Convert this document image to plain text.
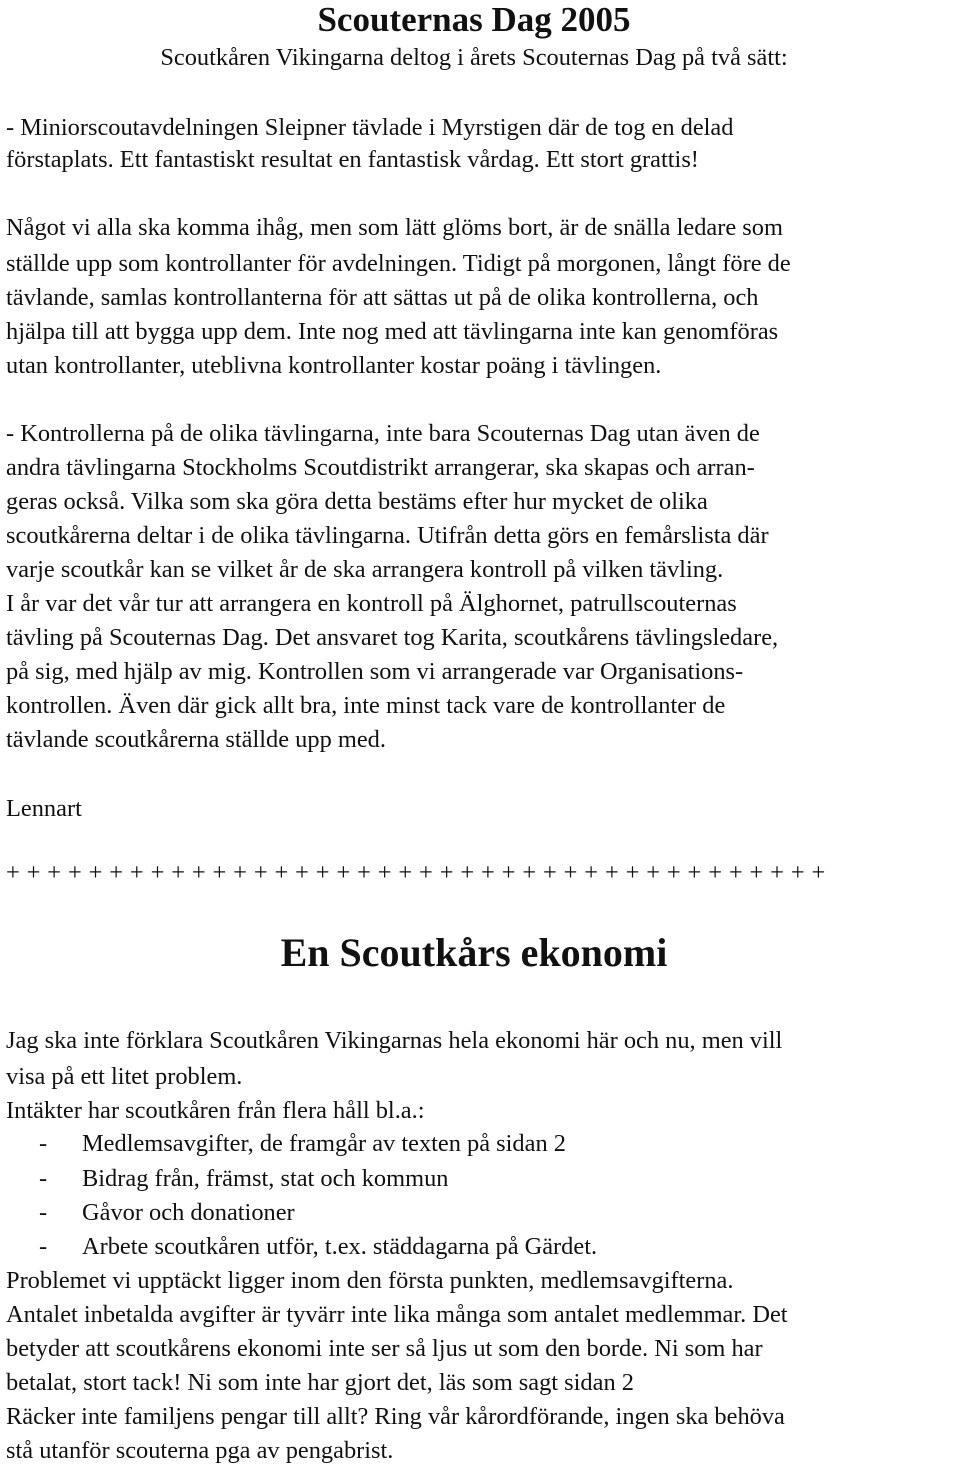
Scouternas Dag 2005
Scoutkåren Vikingarna deltog i årets Scouternas Dag på två sätt:
- Miniorscoutavdelningen Sleipner tävlade i Myrstigen där de tog en delad
förstaplats. Ett fantastiskt resultat en fantastisk vårdag. Ett stort grattis!
Något vi alla ska komma ihåg, men som lätt glöms bort, är de snälla ledare som
ställde upp som kontrollanter för avdelningen. Tidigt på morgonen, långt före de
tävlande, samlas kontrollanterna för att sättas ut på de olika kontrollerna, och
hjälpa till att bygga upp dem. Inte nog med att tävlingarna inte kan genomföras
utan kontrollanter, uteblivna kontrollanter kostar poäng i tävlingen.
- Kontrollerna på de olika tävlingarna, inte bara Scouternas Dag utan även de
andra tävlingarna Stockholms Scoutdistrikt arrangerar, ska skapas och arran-
geras också. Vilka som ska göra detta bestäms efter hur mycket de olika
scoutkårerna deltar i de olika tävlingarna. Utifrån detta görs en femårslista där
varje scoutkår kan se vilket år de ska arrangera kontroll på vilken tävling.
I år var det vår tur att arrangera en kontroll på Älghornet, patrullscouternas
tävling på Scouternas Dag. Det ansvaret tog Karita, scoutkårens tävlingsledare,
på sig, med hjälp av mig. Kontrollen som vi arrangerade var Organisations-
kontrollen. Även där gick allt bra, inte minst tack vare de kontrollanter de
tävlande scoutkårerna ställde upp med.
Lennart
+ + + + + + + + + + + + + + + + + + + + + + + + + + + + + + + + + + + + + + + +
En Scoutkårs ekonomi
Jag ska inte förklara Scoutkåren Vikingarnas hela ekonomi här och nu, men vill
visa på ett litet problem.
Intäkter har scoutkåren från flera håll bl.a.:
- Medlemsavgifter, de framgår av texten på sidan 2
- Bidrag från, främst, stat och kommun
- Gåvor och donationer
- Arbete scoutkåren utför, t.ex. städdagarna på Gärdet.
Problemet vi upptäckt ligger inom den första punkten, medlemsavgifterna.
Antalet inbetalda avgifter är tyvärr inte lika många som antalet medlemmar. Det
betyder att scoutkårens ekonomi inte ser så ljus ut som den borde. Ni som har
betalat, stort tack! Ni som inte har gjort det, läs som sagt sidan 2
Räcker inte familjens pengar till allt? Ring vår kårordförande, ingen ska behöva
stå utanför scouterna pga av pengabrist.
